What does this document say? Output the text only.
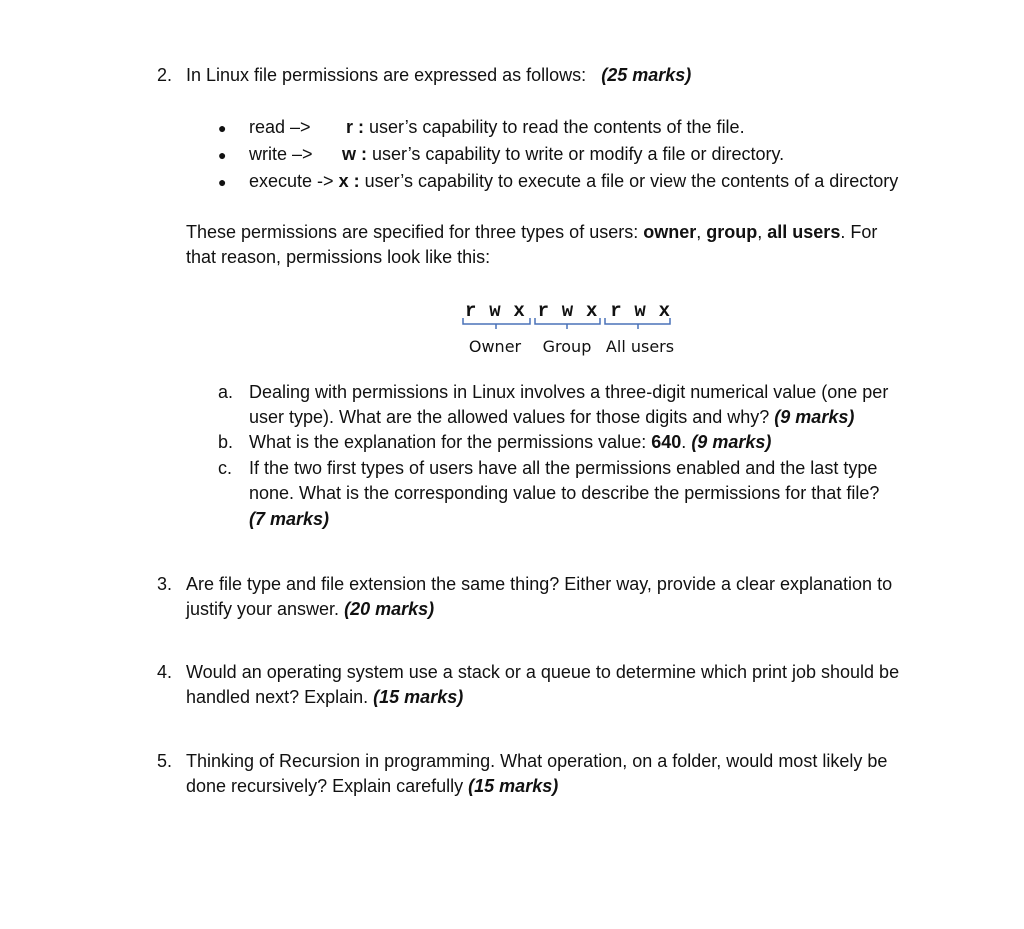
2. In Linux file permissions are expressed as follows: (25 marks)
● read –> r : user’s capability to read the contents of the file.
● write –> w : user’s capability to write or modify a file or directory.
● execute -> x : user’s capability to execute a file or view the contents of a directory
These permissions are specified for three types of users: owner, group, all users. For
that reason, permissions look like this:
r w x r w x r w x
Owner Group All users
a. Dealing with permissions in Linux involves a three-digit numerical value (one per
user type). What are the allowed values for those digits and why? (9 marks)
b. What is the explanation for the permissions value: 640. (9 marks)
c. If the two first types of users have all the permissions enabled and the last type
none. What is the corresponding value to describe the permissions for that file?
(7 marks)
3. Are file type and file extension the same thing? Either way, provide a clear explanation to
justify your answer. (20 marks)
4. Would an operating system use a stack or a queue to determine which print job should be
handled next? Explain. (15 marks)
5. Thinking of Recursion in programming. What operation, on a folder, would most likely be
done recursively? Explain carefully (15 marks)
